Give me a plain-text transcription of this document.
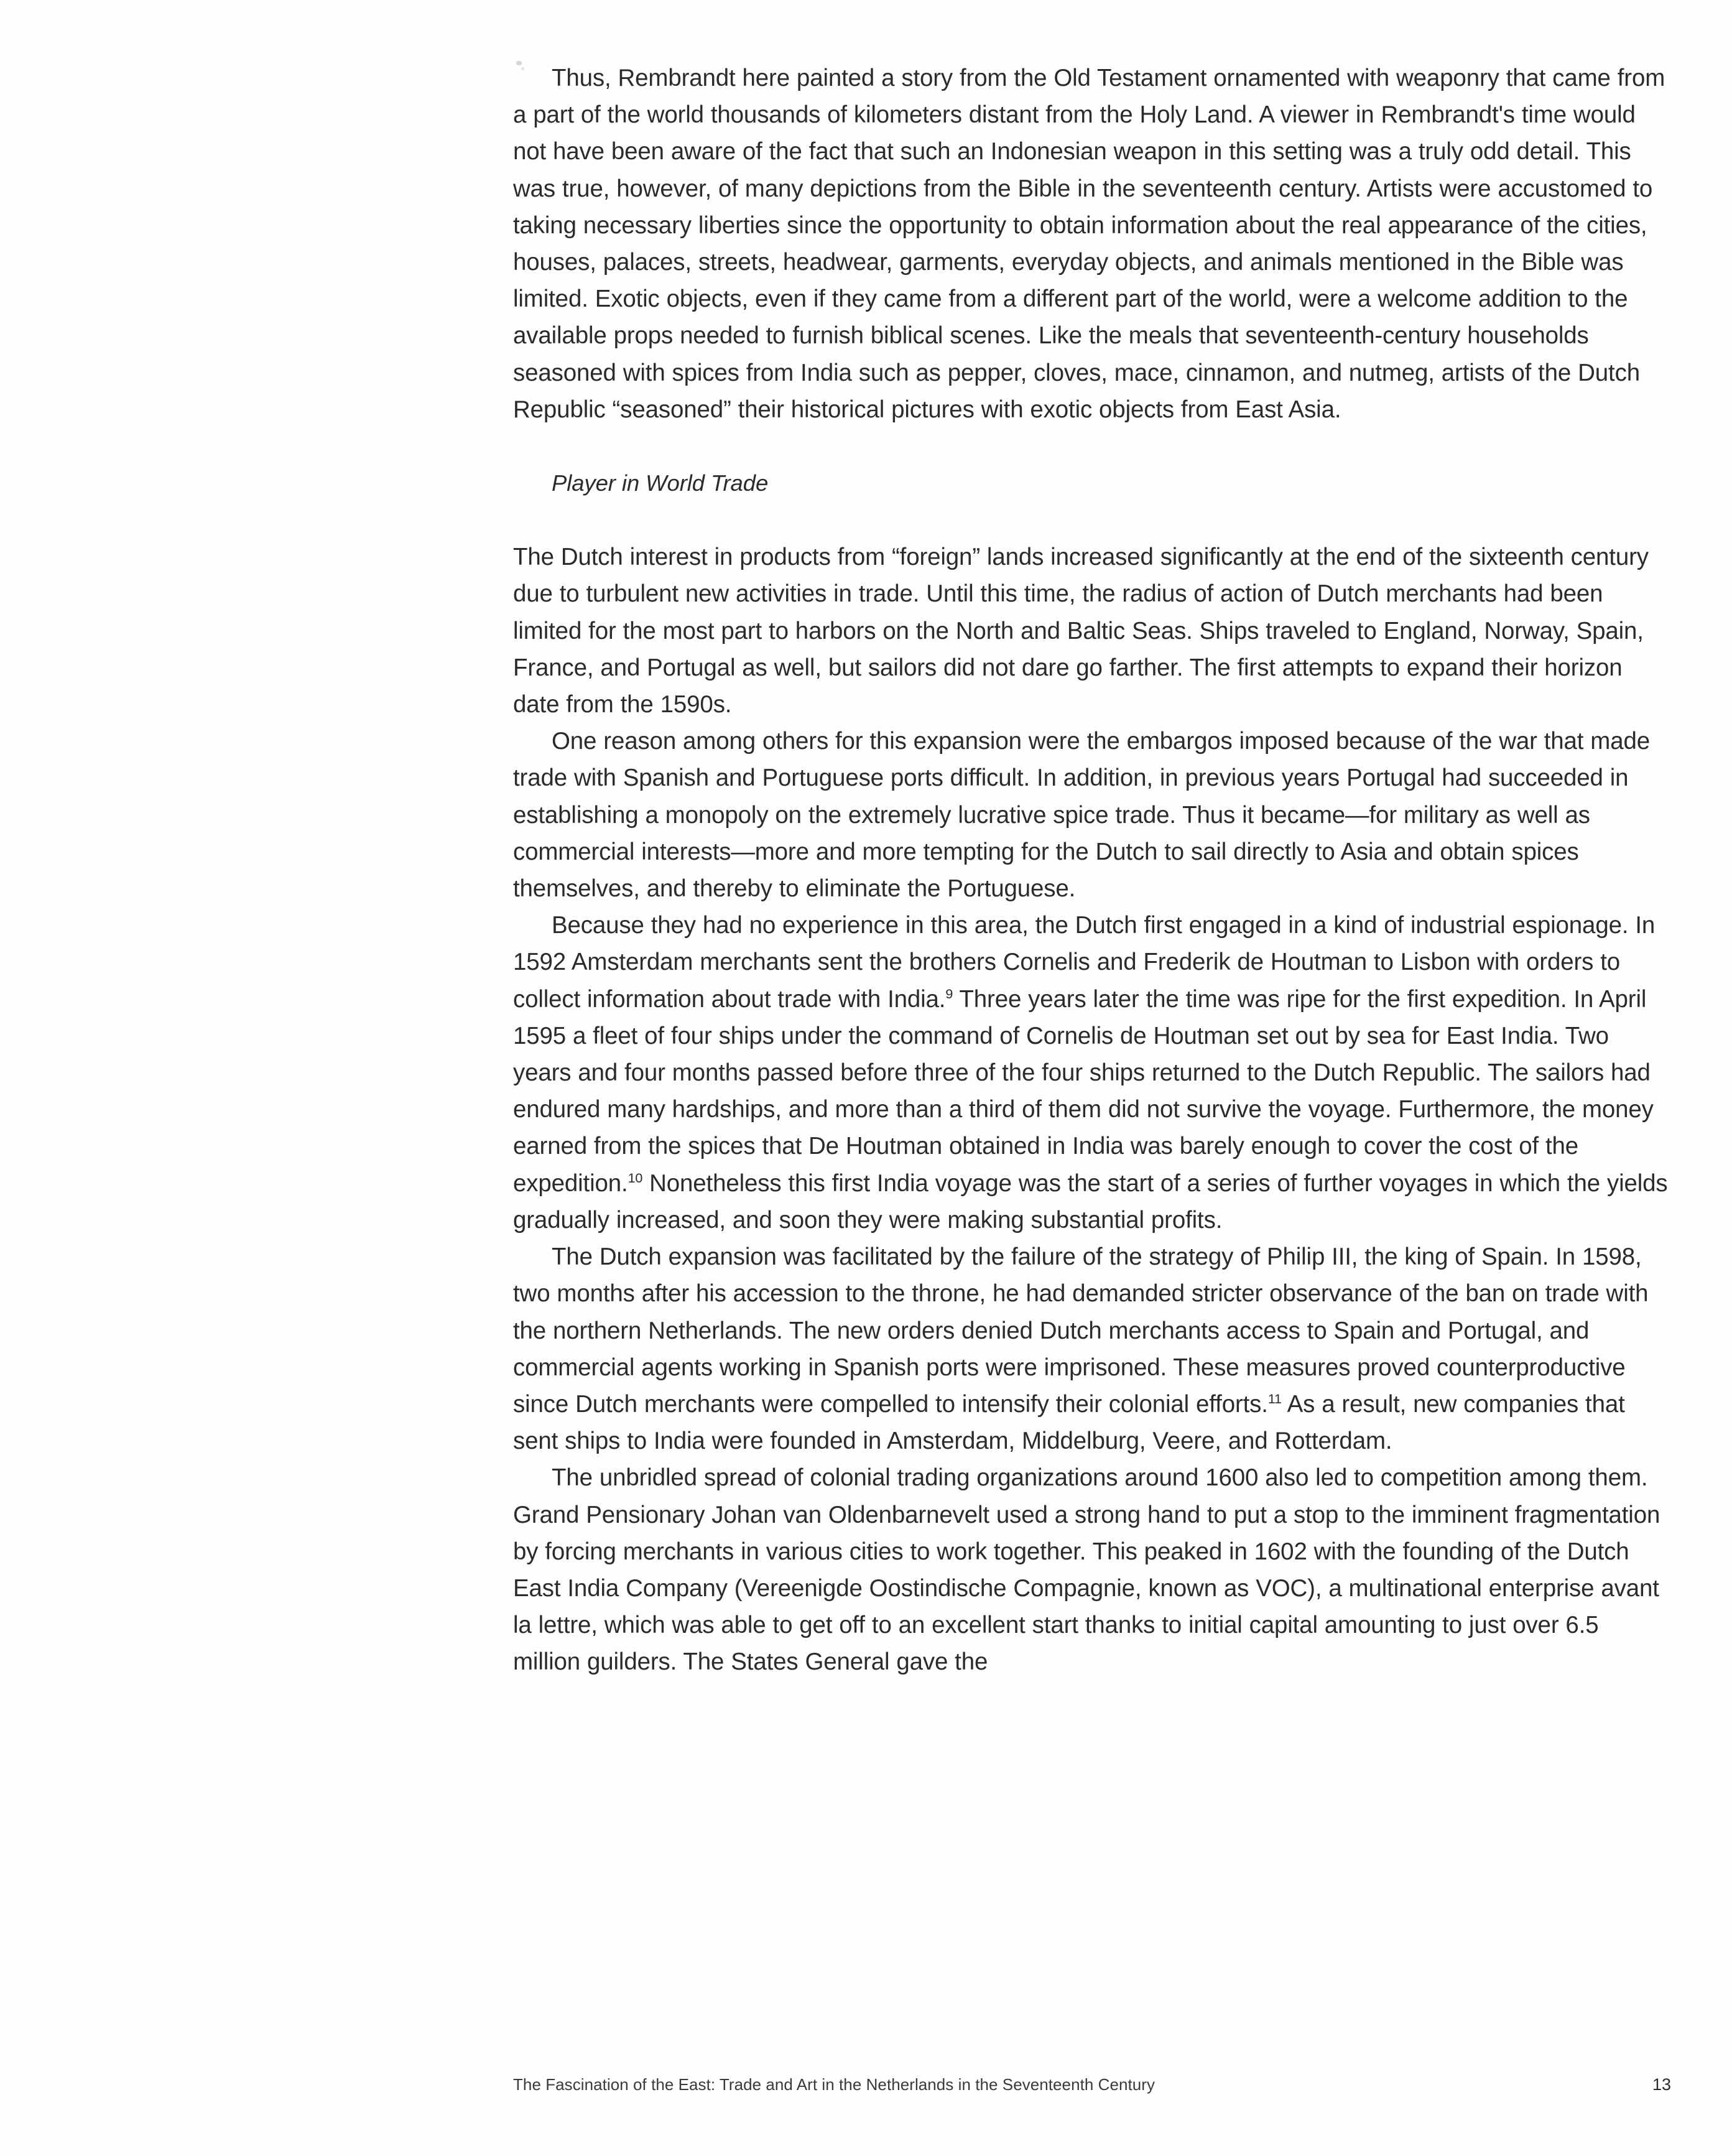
Thus, Rembrandt here painted a story from the Old Testament ornamented with weaponry that came from a part of the world thousands of kilometers distant from the Holy Land. A viewer in Rembrandt's time would not have been aware of the fact that such an Indonesian weapon in this setting was a truly odd detail. This was true, however, of many depictions from the Bible in the seventeenth century. Artists were accustomed to taking necessary liberties since the opportunity to obtain information about the real appearance of the cities, houses, palaces, streets, headwear, garments, everyday objects, and animals mentioned in the Bible was limited. Exotic objects, even if they came from a different part of the world, were a welcome addition to the available props needed to furnish biblical scenes. Like the meals that seventeenth-century households seasoned with spices from India such as pepper, cloves, mace, cinnamon, and nutmeg, artists of the Dutch Republic “seasoned” their historical pictures with exotic objects from East Asia.

Player in World Trade

The Dutch interest in products from “foreign” lands increased significantly at the end of the sixteenth century due to turbulent new activities in trade. Until this time, the radius of action of Dutch merchants had been limited for the most part to harbors on the North and Baltic Seas. Ships traveled to England, Norway, Spain, France, and Portugal as well, but sailors did not dare go farther. The first attempts to expand their horizon date from the 1590s.

One reason among others for this expansion were the embargos imposed because of the war that made trade with Spanish and Portuguese ports difficult. In addition, in previous years Portugal had succeeded in establishing a monopoly on the extremely lucrative spice trade. Thus it became—for military as well as commercial interests—more and more tempting for the Dutch to sail directly to Asia and obtain spices themselves, and thereby to eliminate the Portuguese.

Because they had no experience in this area, the Dutch first engaged in a kind of industrial espionage. In 1592 Amsterdam merchants sent the brothers Cornelis and Frederik de Houtman to Lisbon with orders to collect information about trade with India.$^9$ Three years later the time was ripe for the first expedition. In April 1595 a fleet of four ships under the command of Cornelis de Houtman set out by sea for East India. Two years and four months passed before three of the four ships returned to the Dutch Republic. The sailors had endured many hardships, and more than a third of them did not survive the voyage. Furthermore, the money earned from the spices that De Houtman obtained in India was barely enough to cover the cost of the expedition.$^{10}$ Nonetheless this first India voyage was the start of a series of further voyages in which the yields gradually increased, and soon they were making substantial profits.

The Dutch expansion was facilitated by the failure of the strategy of Philip III, the king of Spain. In 1598, two months after his accession to the throne, he had demanded stricter observance of the ban on trade with the northern Netherlands. The new orders denied Dutch merchants access to Spain and Portugal, and commercial agents working in Spanish ports were imprisoned. These measures proved counterproductive since Dutch merchants were compelled to intensify their colonial efforts.$^{11}$ As a result, new companies that sent ships to India were founded in Amsterdam, Middelburg, Veere, and Rotterdam.

The unbridled spread of colonial trading organizations around 1600 also led to competition among them. Grand Pensionary Johan van Oldenbarnevelt used a strong hand to put a stop to the imminent fragmentation by forcing merchants in various cities to work together. This peaked in 1602 with the founding of the Dutch East India Company (Vereenigde Oostindische Compagnie, known as VOC), a multinational enterprise avant la lettre, which was able to get off to an excellent start thanks to initial capital amounting to just over 6.5 million guilders. The States General gave the

The Fascination of the East: Trade and Art in the Netherlands in the Seventeenth Century	13
